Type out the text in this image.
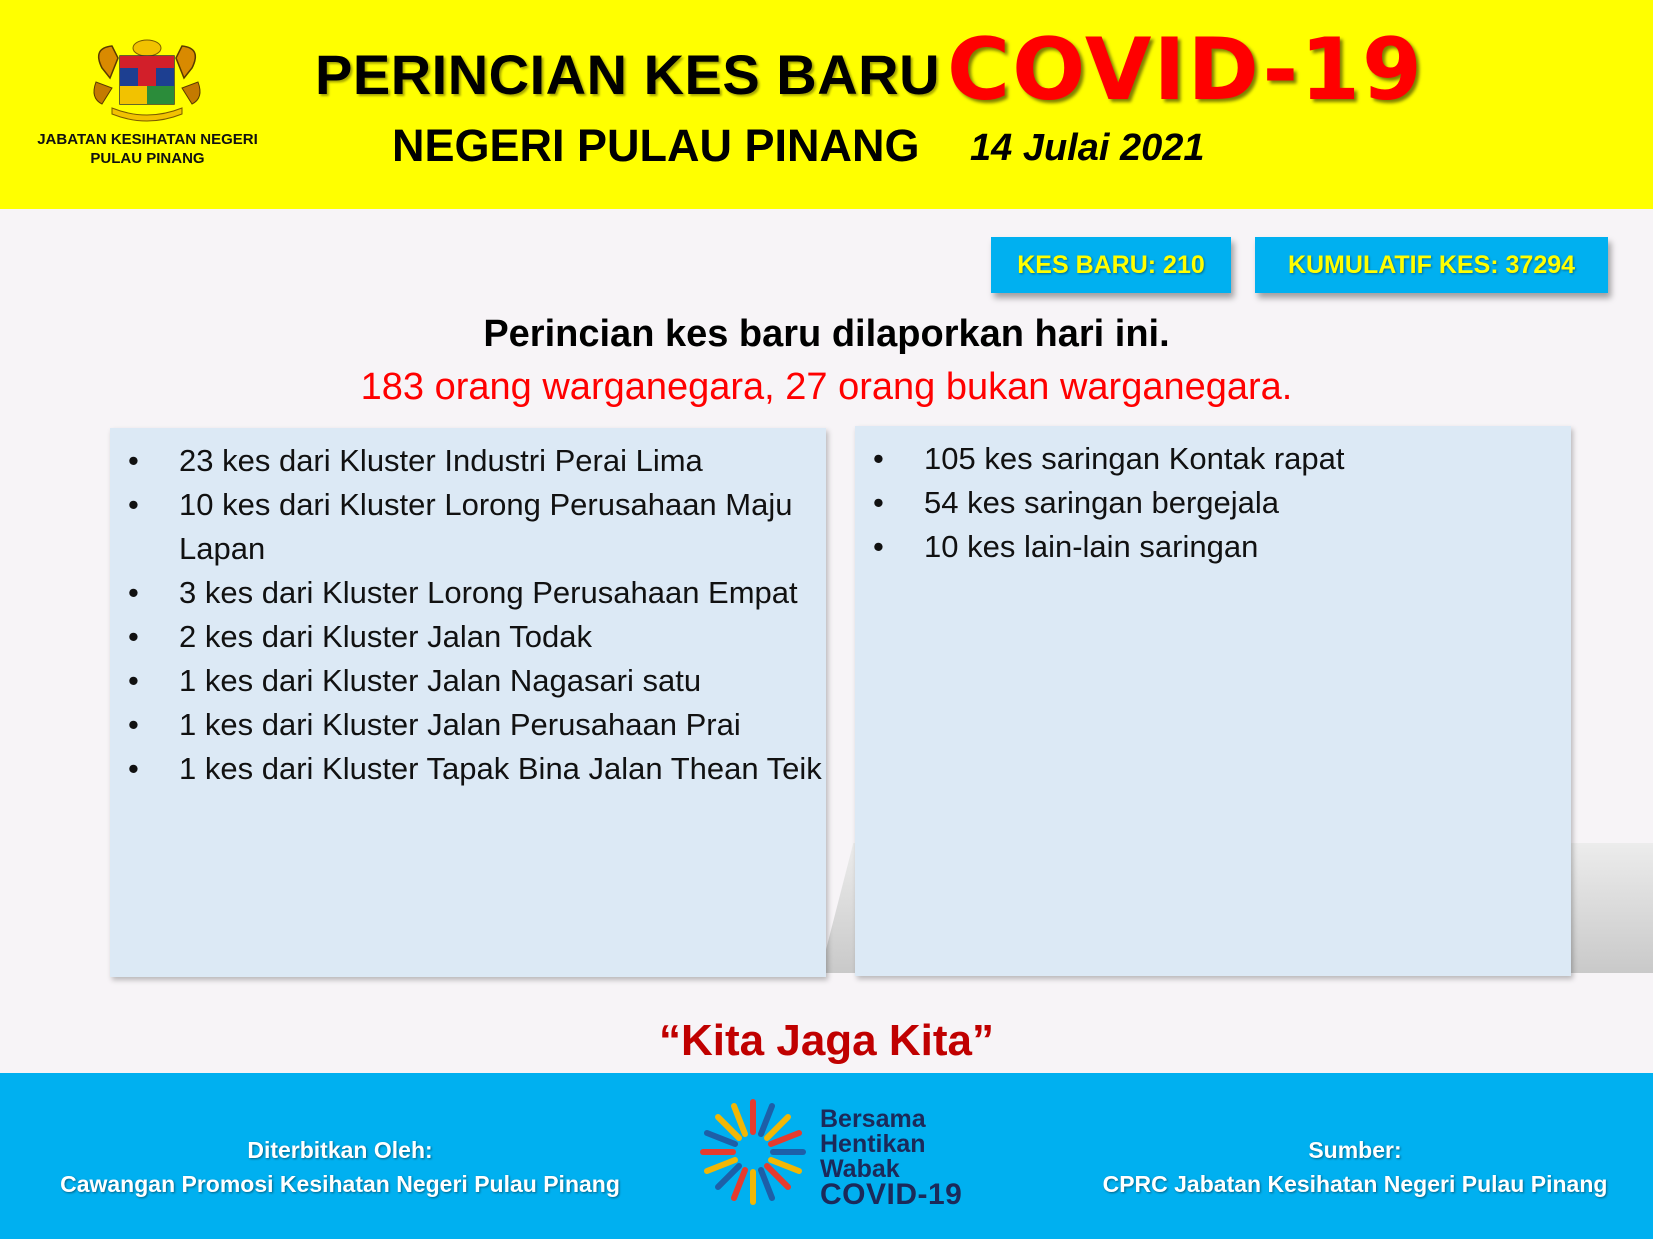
JABATAN KESIHATAN NEGERI PULAU PINANG
PERINCIAN KES BARU COVID-19
NEGERI PULAU PINANG 14 Julai 2021
KES BARU: 210	KUMULATIF KES: 37294
Perincian kes baru dilaporkan hari ini.
183 orang warganegara, 27 orang bukan warganegara.
• 23 kes dari Kluster Industri Perai Lima
• 10 kes dari Kluster Lorong Perusahaan Maju Lapan
• 3 kes dari Kluster Lorong Perusahaan Empat
• 2 kes dari Kluster Jalan Todak
• 1 kes dari Kluster Jalan Nagasari satu
• 1 kes dari Kluster Jalan Perusahaan Prai
• 1 kes dari Kluster Tapak Bina Jalan Thean Teik
• 105 kes saringan Kontak rapat
• 54 kes saringan bergejala
• 10 kes lain-lain saringan
“Kita Jaga Kita”
Diterbitkan Oleh:
Cawangan Promosi Kesihatan Negeri Pulau Pinang
Bersama
Hentikan
Wabak
COVID-19
Sumber:
CPRC Jabatan Kesihatan Negeri Pulau Pinang
